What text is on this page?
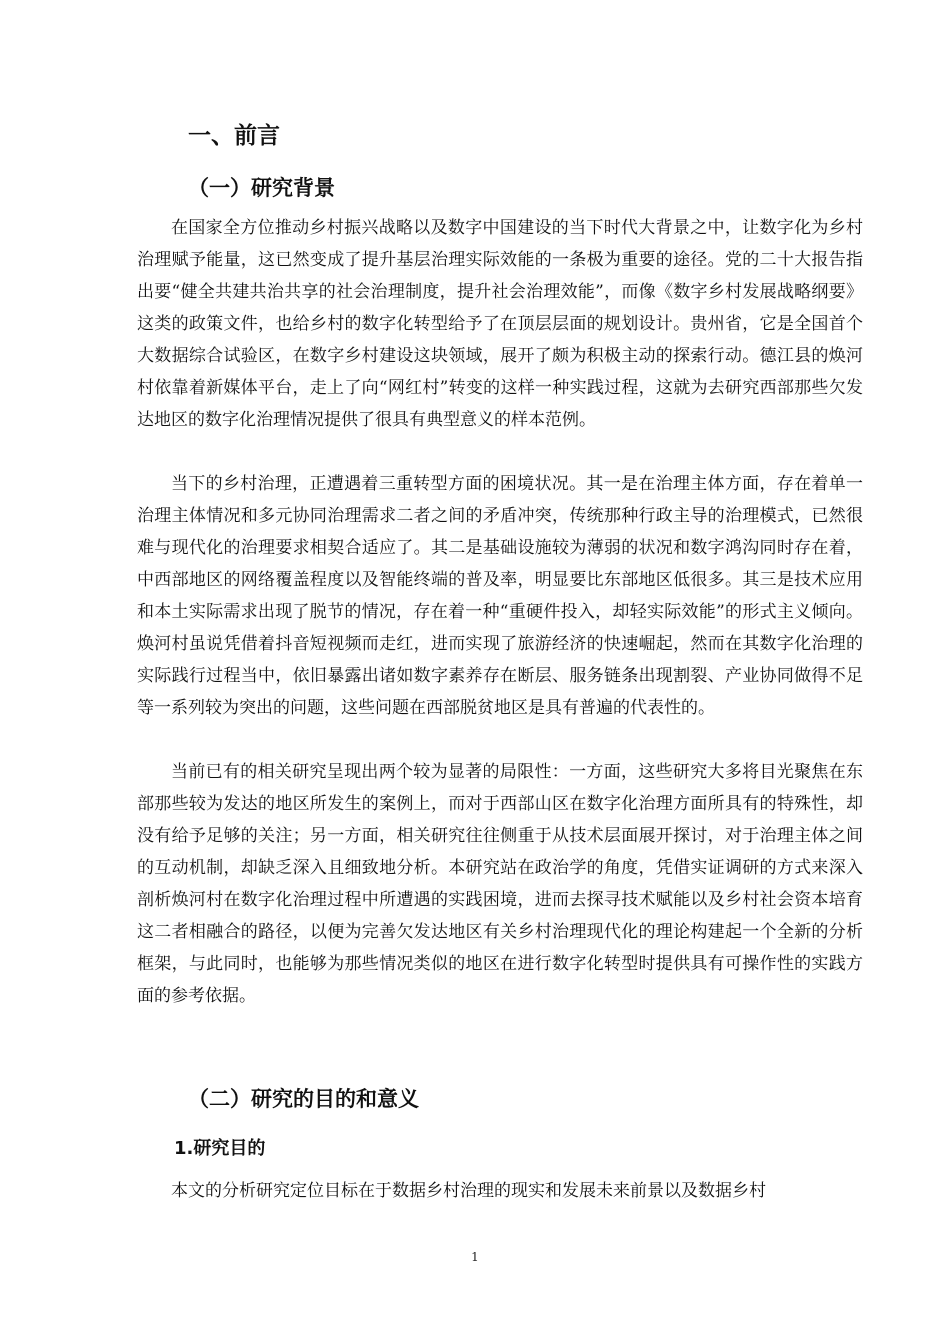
一、前言
（一）研究背景

在国家全方位推动乡村振兴战略以及数字中国建设的当下时代大背景之中，让数字化为乡村治理赋予能量，这已然变成了提升基层治理实际效能的一条极为重要的途径。党的二十大报告指出要“健全共建共治共享的社会治理制度，提升社会治理效能”，而像《数字乡村发展战略纲要》这类的政策文件，也给乡村的数字化转型给予了在顶层层面的规划设计。贵州省，它是全国首个大数据综合试验区，在数字乡村建设这块领域，展开了颇为积极主动的探索行动。德江县的焕河村依靠着新媒体平台，走上了向“网红村”转变的这样一种实践过程，这就为去研究西部那些欠发达地区的数字化治理情况提供了很具有典型意义的样本范例。

当下的乡村治理，正遭遇着三重转型方面的困境状况。其一是在治理主体方面，存在着单一治理主体情况和多元协同治理需求二者之间的矛盾冲突，传统那种行政主导的治理模式，已然很难与现代化的治理要求相契合适应了。其二是基础设施较为薄弱的状况和数字鸿沟同时存在着，中西部地区的网络覆盖程度以及智能终端的普及率，明显要比东部地区低很多。其三是技术应用和本土实际需求出现了脱节的情况，存在着一种“重硬件投入，却轻实际效能”的形式主义倾向。焕河村虽说凭借着抖音短视频而走红，进而实现了旅游经济的快速崛起，然而在其数字化治理的实际践行过程当中，依旧暴露出诸如数字素养存在断层、服务链条出现割裂、产业协同做得不足等一系列较为突出的问题，这些问题在西部脱贫地区是具有普遍的代表性的。

当前已有的相关研究呈现出两个较为显著的局限性：一方面，这些研究大多将目光聚焦在东部那些较为发达的地区所发生的案例上，而对于西部山区在数字化治理方面所具有的特殊性，却没有给予足够的关注；另一方面，相关研究往往侧重于从技术层面展开探讨，对于治理主体之间的互动机制，却缺乏深入且细致地分析。本研究站在政治学的角度，凭借实证调研的方式来深入剖析焕河村在数字化治理过程中所遭遇的实践困境，进而去探寻技术赋能以及乡村社会资本培育这二者相融合的路径，以便为完善欠发达地区有关乡村治理现代化的理论构建起一个全新的分析框架，与此同时，也能够为那些情况类似的地区在进行数字化转型时提供具有可操作性的实践方面的参考依据。

（二）研究的目的和意义
1.研究目的

本文的分析研究定位目标在于数据乡村治理的现实和发展未来前景以及数据乡村

1
